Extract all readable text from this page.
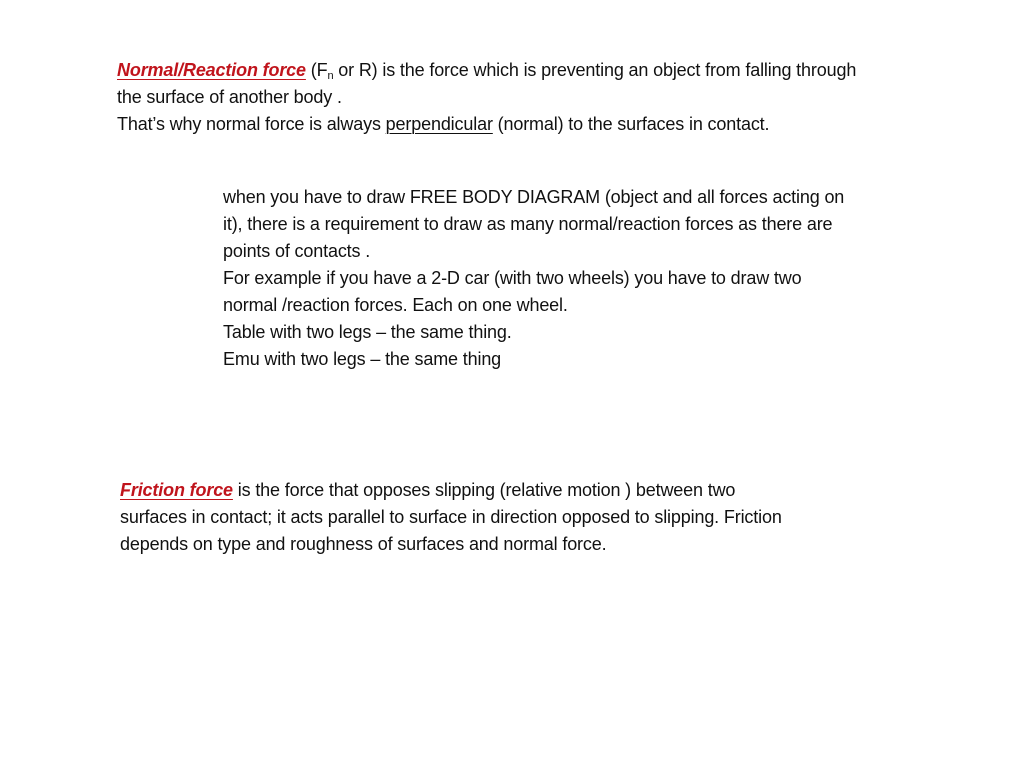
Normal/Reaction force ($F_n$ or R) is the force which is preventing an object from falling through
the surface of another body .
That’s why normal force is always perpendicular (normal) to the surfaces in contact.
when you have to draw FREE BODY DIAGRAM (object and all forces acting on
it), there is a requirement to draw as many normal/reaction forces as there are
points of contacts .
For example if you have a 2-D car (with two wheels) you have to draw two
normal /reaction forces. Each on one wheel.
Table with two legs – the same thing.
Emu with two legs – the same thing
Friction force is the force that opposes slipping (relative motion ) between two
surfaces in contact; it acts parallel to surface in direction opposed to slipping. Friction
depends on type and roughness of surfaces and normal force.
